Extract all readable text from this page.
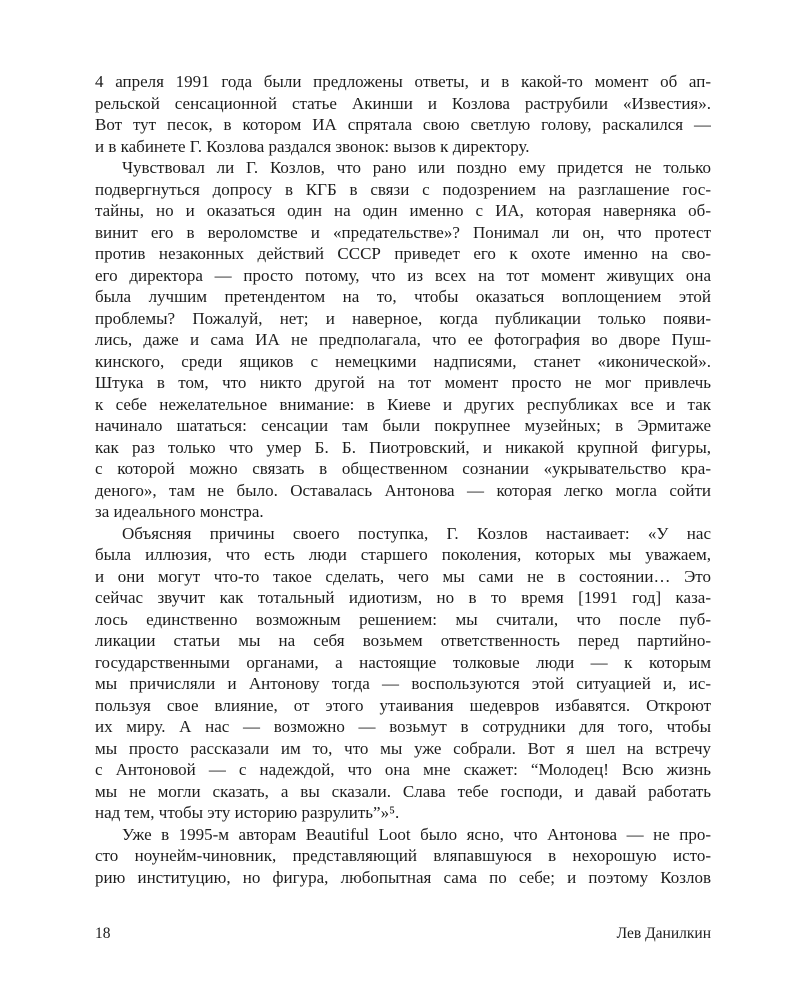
4 апреля 1991 года были предложены ответы, и в какой-то момент об ап-
рельской сенсационной статье Акинши и Козлова раструбили «Известия».
Вот тут песок, в котором ИА спрятала свою светлую голову, раскалился —
и в кабинете Г. Козлова раздался звонок: вызов к директору.

Чувствовал ли Г. Козлов, что рано или поздно ему придется не только
подвергнуться допросу в КГБ в связи с подозрением на разглашение гос-
тайны, но и оказаться один на один именно с ИА, которая наверняка об-
винит его в вероломстве и «предательстве»? Понимал ли он, что протест
против незаконных действий СССР приведет его к охоте именно на сво-
его директора — просто потому, что из всех на тот момент живущих она
была лучшим претендентом на то, чтобы оказаться воплощением этой
проблемы? Пожалуй, нет; и наверное, когда публикации только появи-
лись, даже и сама ИА не предполагала, что ее фотография во дворе Пуш-
кинского, среди ящиков с немецкими надписями, станет «иконической».
Штука в том, что никто другой на тот момент просто не мог привлечь
к себе нежелательное внимание: в Киеве и других республиках все и так
начинало шататься: сенсации там были покрупнее музейных; в Эрмитаже
как раз только что умер Б. Б. Пиотровский, и никакой крупной фигуры,
с которой можно связать в общественном сознании «укрывательство кра-
деного», там не было. Оставалась Антонова — которая легко могла сойти
за идеального монстра.

Объясняя причины своего поступка, Г. Козлов настаивает: «У нас
была иллюзия, что есть люди старшего поколения, которых мы уважаем,
и они могут что-то такое сделать, чего мы сами не в состоянии… Это
сейчас звучит как тотальный идиотизм, но в то время [1991 год] каза-
лось единственно возможным решением: мы считали, что после пуб-
ликации статьи мы на себя возьмем ответственность перед партийно-
государственными органами, а настоящие толковые люди — к которым
мы причисляли и Антонову тогда — воспользуются этой ситуацией и, ис-
пользуя свое влияние, от этого утаивания шедевров избавятся. Откроют
их миру. А нас — возможно — возьмут в сотрудники для того, чтобы
мы просто рассказали им то, что мы уже собрали. Вот я шел на встречу
с Антоновой — с надеждой, что она мне скажет: “Молодец! Всю жизнь
мы не могли сказать, а вы сказали. Слава тебе господи, и давай работать
над тем, чтобы эту историю разрулить”»⁵.

Уже в 1995-м авторам Beautiful Loot было ясно, что Антонова — не про-
сто ноунейм-чиновник, представляющий вляпавшуюся в нехорошую исто-
рию институцию, но фигура, любопытная сама по себе; и поэтому Козлов

18	Лев Данилкин
